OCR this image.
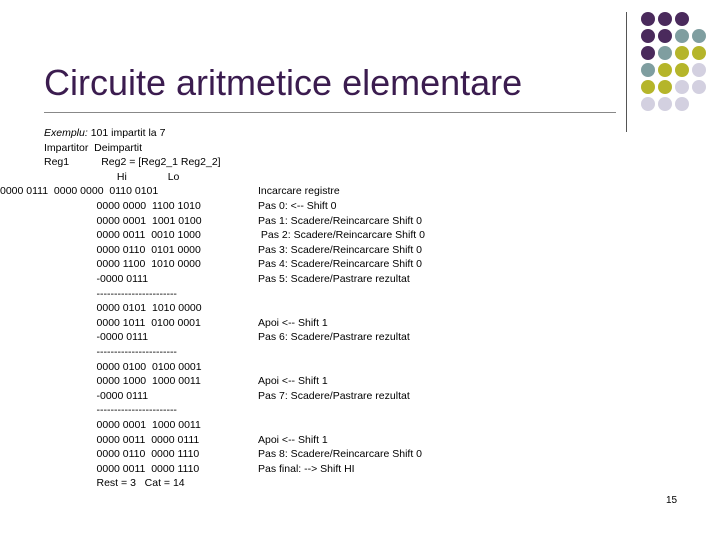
Circuite aritmetice elementare
Exemplu: 101 impartit la 7
Impartitor  Deimpartit
Reg1           Reg2 = [Reg2_1 Reg2_2]
Hi              Lo
0000 0111  0000 0000  0110 0101
0000 0000  1100 1010
0000 0001  1001 0100
0000 0011  0010 1000
0000 0110  0101 0000
0000 1100  1010 0000
-0000 0111
-----------------------
0000 0101  1010 0000
0000 1011  0100 0001
-0000 0111
-----------------------
0000 0100  0100 0001
0000 1000  1000 0011
-0000 0111
-----------------------
0000 0001  1000 0011
0000 0011  0000 0111
0000 0110  0000 1110
0000 0011  0000 1110
Rest = 3   Cat = 14
Incarcare registre
Pas 0: <-- Shift 0
Pas 1: Scadere/Reincarcare Shift 0
Pas 2: Scadere/Reincarcare Shift 0
Pas 3: Scadere/Reincarcare Shift 0
Pas 4: Scadere/Reincarcare Shift 0
Pas 5: Scadere/Pastrare rezultat
Apoi <-- Shift 1
Pas 6: Scadere/Pastrare rezultat
Apoi <-- Shift 1
Pas 7: Scadere/Pastrare rezultat
Apoi <-- Shift 1
Pas 8: Scadere/Reincarcare Shift 0
Pas final: --> Shift HI
15
